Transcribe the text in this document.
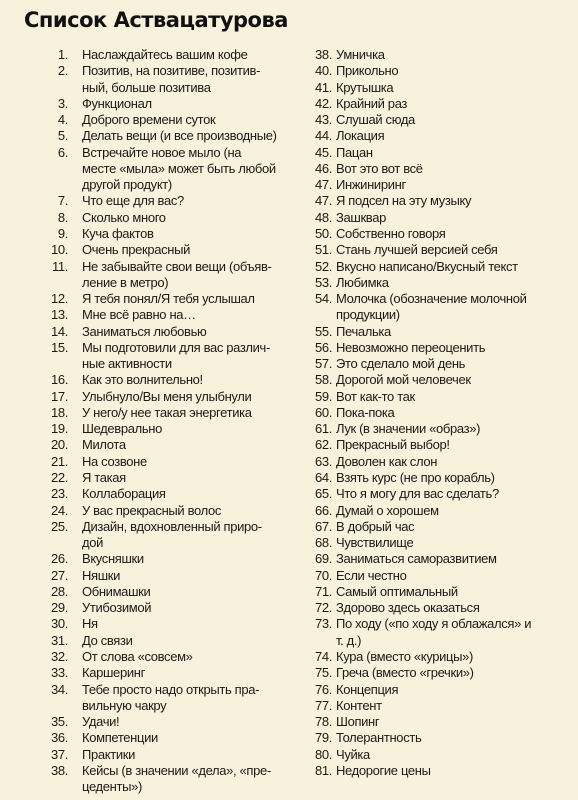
Список Аствацатурова
1. Наслаждайтесь вашим кофе
2. Позитив, на позитиве, позитив-
ный, больше позитива
3. Функционал
4. Доброго времени суток
5. Делать вещи (и все производные)
6. Встречайте новое мыло (на
месте «мыла» может быть любой
другой продукт)
7. Что еще для вас?
8. Сколько много
9. Куча фактов
10. Очень прекрасный
11. Не забывайте свои вещи (объяв-
ление в метро)
12. Я тебя понял/Я тебя услышал
13. Мне всё равно на…
14. Заниматься любовью
15. Мы подготовили для вас различ-
ные активности
16. Как это волнительно!
17. Улыбнуло/Вы меня улыбнули
18. У него/у нее такая энергетика
19. Шедеврально
20. Милота
21. На созвоне
22. Я такая
23. Коллаборация
24. У вас прекрасный волос
25. Дизайн, вдохновленный приро-
дой
26. Вкусняшки
27. Няшки
28. Обнимашки
29. Утибозимой
30. Ня
31. До связи
32. От слова «совсем»
33. Каршеринг
34. Тебе просто надо открыть пра-
вильную чакру
35. Удачи!
36. Компетенции
37. Практики
38. Кейсы (в значении «дела», «пре-
цеденты»)
38. Умничка
40. Прикольно
41. Крутышка
42. Крайний раз
43. Слушай сюда
44. Локация
45. Пацан
46. Вот это вот всё
47. Инжиниринг
47. Я подсел на эту музыку
48. Зашквар
50. Собственно говоря
51. Стань лучшей версией себя
52. Вкусно написано/Вкусный текст
53. Любимка
54. Молочка (обозначение молочной
продукции)
55. Печалька
56. Невозможно переоценить
57. Это сделало мой день
58. Дорогой мой человечек
59. Вот как-то так
60. Пока-пока
61. Лук (в значении «образ»)
62. Прекрасный выбор!
63. Доволен как слон
64. Взять курс (не про корабль)
65. Что я могу для вас сделать?
66. Думай о хорошем
67. В добрый час
68. Чувствилище
69. Заниматься саморазвитием
70. Если честно
71. Самый оптимальный
72. Здорово здесь оказаться
73. По ходу («по ходу я облажался» и
т. д.)
74. Кура (вместо «курицы»)
75. Греча (вместо «гречки»)
76. Концепция
77. Контент
78. Шопинг
79. Толерантность
80. Чуйка
81. Недорогие цены
